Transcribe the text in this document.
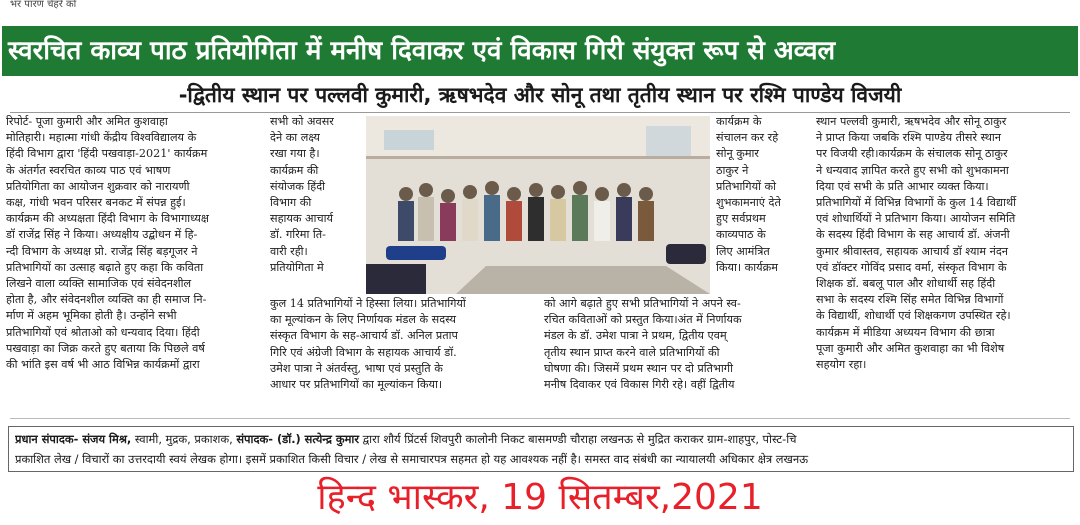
भर पारण चेहरे को
स्वरचित काव्य पाठ प्रतियोगिता में मनीष दिवाकर एवं विकास गिरी संयुक्त रूप से अव्वल
-द्वितीय स्थान पर पल्लवी कुमारी, ऋषभदेव और सोनू तथा तृतीय स्थान पर रश्मि पाण्डेय विजयी
रिपोर्ट- पूजा कुमारी और अमित कुशवाहा
मोतिहारी। महात्मा गांधी केंद्रीय विश्वविद्यालय के
हिंदी विभाग द्वारा 'हिंदी पखवाड़ा-2021' कार्यक्रम
के अंतर्गत स्वरचित काव्य पाठ एवं भाषण
प्रतियोगिता का आयोजन शुक्रवार को नारायणी
कक्ष, गांधी भवन परिसर बनकट में संपन्न हुई।
कार्यक्रम की अध्यक्षता हिंदी विभाग के विभागाध्यक्ष
डॉ राजेंद्र सिंह ने किया। अध्यक्षीय उद्बोधन में हि-
न्दी विभाग के अध्यक्ष प्रो. राजेंद्र सिंह बड़गूजर ने
प्रतिभागियों का उत्साह बढ़ाते हुए कहा कि कविता
लिखने वाला व्यक्ति सामाजिक एवं संवेदनशील
होता है, और संवेदनशील व्यक्ति का ही समाज नि-
र्माण में अहम भूमिका होती है। उन्होंने सभी
प्रतिभागियों एवं श्रोताओ को धन्यवाद दिया। हिंदी
पखवाड़ा का जिक्र करते हुए बताया कि पिछले वर्ष
की भांति इस वर्ष भी आठ विभिन्न कार्यक्रमों द्वारा
सभी को अवसर
देने का लक्ष्य
रखा गया है।
कार्यक्रम की
संयोजक हिंदी
विभाग की
सहायक आचार्य
डॉ. गरिमा ति-
वारी रही।
प्रतियोगिता मे
कुल 14 प्रतिभागियों ने हिस्सा लिया। प्रतिभागियों
का मूल्यांकन के लिए निर्णायक मंडल के सदस्य
संस्कृत विभाग के सह-आचार्य डॉ. अनिल प्रताप
गिरि एवं अंग्रेजी विभाग के सहायक आचार्य डॉ.
उमेश पात्रा ने अंतर्वस्तु, भाषा एवं प्रस्तुति के
आधार पर प्रतिभागियों का मूल्यांकन किया।
कार्यक्रम के
संचालन कर रहे
सोनू कुमार
ठाकुर ने
प्रतिभागियों को
शुभकामनाएं देते
हुए सर्वप्रथम
काव्यपाठ के
लिए आमंत्रित
किया। कार्यक्रम
को आगे बढ़ाते हुए सभी प्रतिभागियों ने अपने स्व-
रचित कविताओं को प्रस्तुत किया।अंत में निर्णायक
मंडल के डॉ. उमेश पात्रा ने प्रथम, द्वितीय एवम्
तृतीय स्थान प्राप्त करने वाले प्रतिभागियों की
घोषणा की। जिसमें प्रथम स्थान पर दो प्रतिभागी
मनीष दिवाकर एवं विकास गिरी रहे। वहीं द्वितीय
स्थान पल्लवी कुमारी, ऋषभदेव और सोनू ठाकुर
ने प्राप्त किया जबकि रश्मि पाण्डेय तीसरे स्थान
पर विजयी रही।कार्यक्रम के संचालक सोनू ठाकुर
ने धन्यवाद ज्ञापित करते हुए सभी को शुभकामना
दिया एवं सभी के प्रति आभार व्यक्त किया।
प्रतिभागियों में विभिन्न विभागों के कुल 14 विद्यार्थी
एवं शोधार्थियों ने प्रतिभाग किया। आयोजन समिति
के सदस्य हिंदी विभाग के सह आचार्य डॉ. अंजनी
कुमार श्रीवास्तव, सहायक आचार्य डॉ श्याम नंदन
एवं डॉक्टर गोविंद प्रसाद वर्मा, संस्कृत विभाग के
शिक्षक डॉ. बबलू पाल और शोधार्थी सह हिंदी
सभा के सदस्य रश्मि सिंह समेत विभिन्न विभागों
के विद्यार्थी, शोधार्थी एवं शिक्षकगण उपस्थित रहे।
कार्यक्रम में मीडिया अध्ययन विभाग की छात्रा
पूजा कुमारी और अमित कुशवाहा का भी विशेष
सहयोग रहा।
प्रधान संपादक- संजय मिश्र, स्वामी, मुद्रक, प्रकाशक, संपादक- (डॉ.) सत्येन्द्र कुमार द्वारा शौर्य प्रिंटर्स शिवपुरी कालोनी निकट बासमण्डी चौराहा लखनऊ से मुद्रित कराकर ग्राम-शाहपुर, पोस्ट-चि
प्रकाशित लेख / विचारों का उत्तरदायी स्वयं लेखक होगा। इसमें प्रकाशित किसी विचार / लेख से समाचारपत्र सहमत हो यह आवश्यक नहीं है। समस्त वाद संबंधी का न्यायालयी अधिकार क्षेत्र लखनऊ
हिन्द भास्कर, 19 सितम्बर,2021
